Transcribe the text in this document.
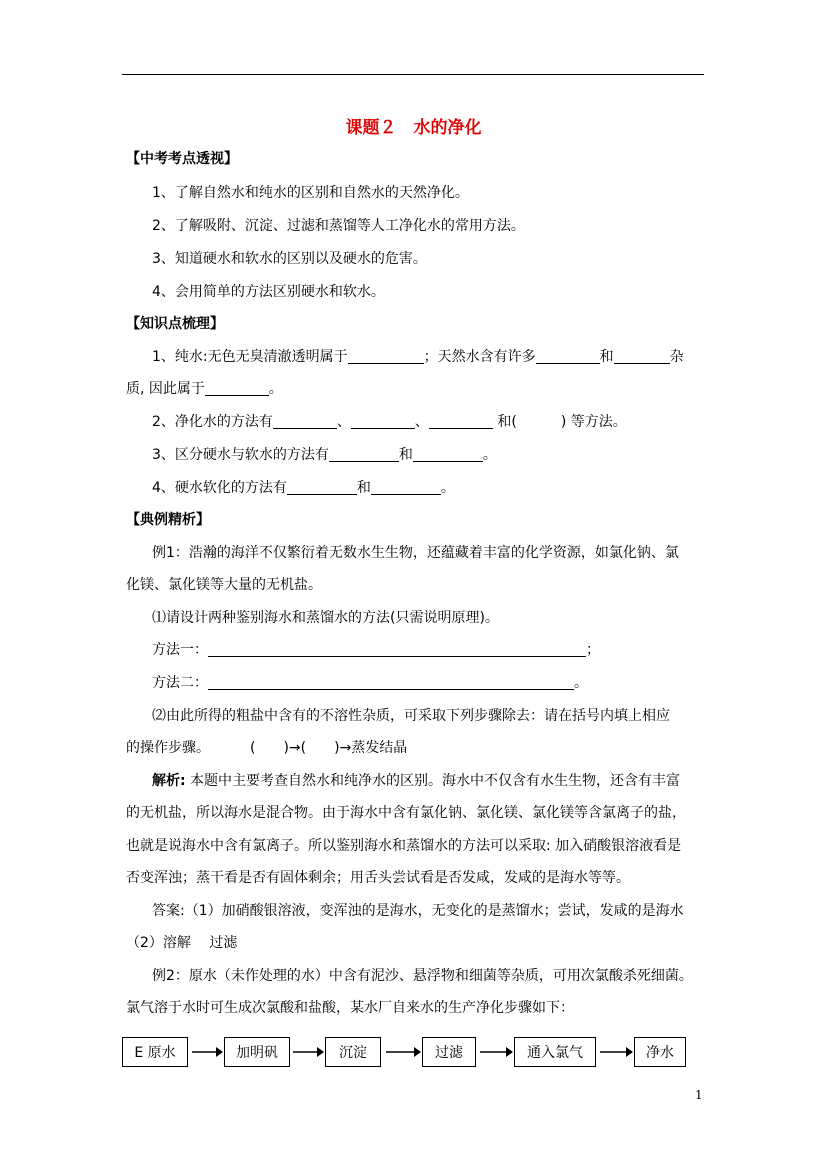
课题２　水的净化
【中考考点透视】
1、了解自然水和纯水的区别和自然水的天然净化。
2、了解吸附、沉淀、过滤和蒸馏等人工净化水的常用方法。
3、知道硬水和软水的区别以及硬水的危害。
4、会用简单的方法区别硬水和软水。
【知识点梳理】
1、纯水:无色无臭清澈透明属于	；天然水含有许多	和	杂
质, 因此属于	。
2、净化水的方法有	、	、	和(	) 等方法。
3、区分硬水与软水的方法有	和	。
4、硬水软化的方法有	和	。
【典例精析】
例1：浩瀚的海洋不仅繁衍着无数水生生物，还蕴藏着丰富的化学资源，如氯化钠、氯
化镁、氯化镁等大量的无机盐。
⑴请设计两种鉴别海水和蒸馏水的方法(只需说明原理)。
方法一：	；
方法二：	。
⑵由此所得的粗盐中含有的不溶性杂质，可采取下列步骤除去：请在括号内填上相应
的操作步骤。	(　　)→(　　)→蒸发结晶
解析: 本题中主要考查自然水和纯净水的区别。海水中不仅含有水生生物，还含有丰富
的无机盐，所以海水是混合物。由于海水中含有氯化钠、氯化镁、氯化镁等含氯离子的盐，
也就是说海水中含有氯离子。所以鉴别海水和蒸馏水的方法可以采取: 加入硝酸银溶液看是
否变浑浊；蒸干看是否有固体剩余；用舌头尝试看是否发咸，发咸的是海水等等。
答案:（1）加硝酸银溶液，变浑浊的是海水，无变化的是蒸馏水；尝试，发咸的是海水
（2）溶解　 过滤
例2：原水（未作处理的水）中含有泥沙、悬浮物和细菌等杂质，可用次氯酸杀死细菌。
氯气溶于水时可生成次氯酸和盐酸，某水厂自来水的生产净化步骤如下：
E 原水	加明矾	沉淀	过滤	通入氯气	净水
1
